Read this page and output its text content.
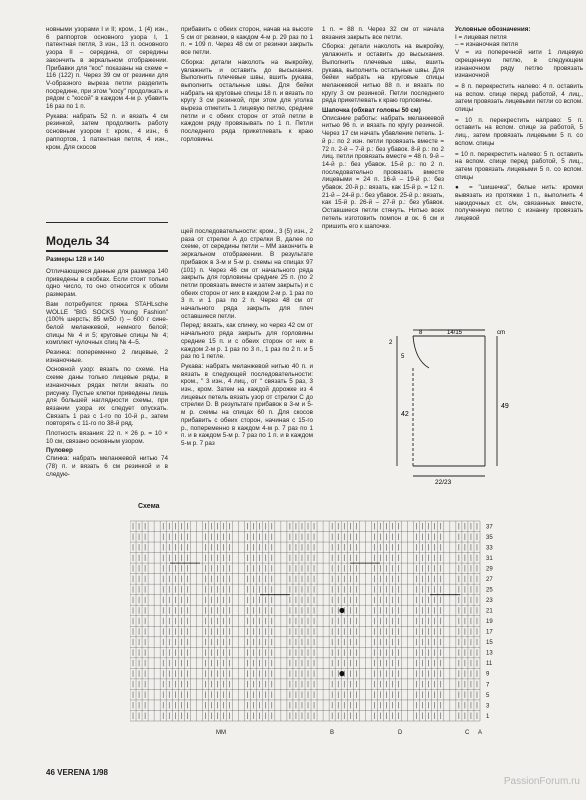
новными узорами I и II; кром., 1 (4) изн., 6 раппортов основного узора I, 1 патентная петля, 3 изн., 13 п. основного узора II – середина, от середины закончить в зеркальном отображении. Прибавки для "кос" показаны на схеме = 116 (122) п. Через 39 см от резинки для V-образного выреза петли разделить посредине, при этом "косу" продолжать и рядом с "косой" в каждом 4-м р. убавить 16 раз по 1 п.

Рукава: набрать 52 п. и вязать 4 см резинкой, затем продолжить работу основным узором I: кром., 4 изн., 6 раппортов, 1 патентная петля, 4 изн., кром. Для скосов

прибавить с обеих сторон, начав на высоте 5 см от резинки, в каждом 4-м р. 29 раз по 1 п. = 109 п. Через 48 см от резинки закрыть все петли.

Сборка: детали наколоть на выкройку, увлажнить и оставить до высыхания. Выполнить плечевые швы, вшить рукава, выполнить остальные швы. Для бейки набрать на круговые спицы 18 п. и вязать по кругу 3 см резинкой, при этом для уголка выреза отметить 1 лицевую петлю, средние петли и с обеих сторон от этой петли в каждом ряду провязывать по 1 п. Петли последнего ряда прикетлевать к краю горловины.

1 п. = 88 п. Через 32 см от начала вязания закрыть все петли.

Сборка: детали наколоть на выкройку, увлажнить и оставить до высыхания. Выполнить плечевые швы, вшить рукава, выполнить остальные швы. Для бейки набрать на круговые спицы меланжевой нитью 88 п. и вязать по кругу 3 см резинкой. Петли последнего ряда прикетлевать к краю горловины.

Шапочка (обхват головы 50 см)

Описание работы: набрать меланжевой нитью 96 п. и вязать по кругу резинкой. Через 17 см начать убавление петель. 1-й р.: по 2 изн. петли провязать вместе = 72 п. 2-й – 7-й р.: без убавок. 8-й р.: по 2 лиц. петли провязать вместе = 48 п. 9-й – 14-й р.: без убавок. 15-й р.: по 2 п. последовательно провязать вместе лицевыми = 24 п. 16-й – 19-й р.: без убавок. 20-й р.: вязать, как 15-й р. = 12 п. 21-й – 24-й р.: без убавок. 25-й р.: вязать, как 15-й р. 26-й – 27-й р.: без убавок. Оставшиеся петли стянуть. Нитью всех петель изготовить помпон ø ок. 6 см и пришить его к шапочке.

Условные обозначения:

I = лицевая петля

– = изнаночная петля

V = из поперечной нити 1 лицевую скрещенную петлю, в следующем изнаночном ряду петлю провязать изнаночной

= 8 п. перекрестить налево: 4 п. оставить на вспом. спице перед работой, 4 лиц., затем провязать лицевыми петли со вспом. спицы

= 10 п. перекрестить направо: 5 п. оставить на вспом. спице за работой, 5 лиц., затем провязать лицевыми 5 п. со вспом. спицы

= 10 п. перекрестить налево: 5 п. оставить на вспом. спице перед работой, 5 лиц., затем провязать лицевыми 5 п. со вспом. спицы

● = "шишечка", белые нить: кромки вывязать из протяжки 1 п., выполнить 4 накидочных ст. с/н, связанных вместе, полученную петлю с изнанку провязать лицевой

Модель 34
Размеры 128 и 140

Отличающиеся данные для размера 140 приведены в скобках. Если стоит только одно число, то оно относится к обоим размерам.

Вам потребуется: пряжа STAHLsche WOLLE "BIG SOCKS Young Fashion" (100% шерсть; 85 м/50 г) – 600 г сине-белой меланжевой, немного белой; спицы № 4 и 5; круговые спицы № 4; комплект чулочных спиц № 4–5.

Резинка: попеременно 2 лицевые, 2 изнаночные.

Основной узор: вязать по схеме. На схеме даны только лицевые ряды, в изнаночных рядах петли вязать по рисунку. Пустые клетки приведены лишь для большей наглядности схемы, при вязании узора их следует опускать. Связать 1 раз с 1-го по 10-й р., затем повторять с 11-го по 38-й ряд.

Плотность вязания: 22 п. × 26 р. = 10 × 10 см, связано основным узором.

Пуловер

Спинка: набрать меланжевой нитью 74 (78) п. и вязать 6 см резинкой и в следую-

щей последовательности: кром., 3 (5) изн., 2 раза от стрелки А до стрелки B, далее по схеме, от середины петли – ММ закончить в зеркальном отображении. В результате прибавок в 3-м и 5-м р. схемы на спицах 97 (101) п. Через 46 см от начального ряда закрыть для горловины средние 25 п. (по 2 петли провязать вместе и затем закрыть) и с обеих сторон от них в каждом 2-м р. 1 раз по 3 п. и 1 раз по 2 п. Через 48 см от начального ряда закрыть для плеч оставшиеся петли.

Перед: вязать, как спинку, но через 42 см от начального ряда закрыть для горловины средние 15 п. и с обеих сторон от них в каждом 2-м р. 1 раз по 3 п., 1 раз по 2 п. и 5 раз по 1 петле.

Рукава: набрать меланжевой нитью 40 п. и вязать в следующей последовательности: кром., " 3 изн., 4 лиц., от " связать 5 раз, 3 изн., кром. Затем на каждой дорожке из 4 лицевых петель вязать узор от стрелки C до стрелки D. В результате прибавок в 3-м и 5-м р. схемы на спицах 60 п. Для скосов прибавить с обеих сторон, начиная с 15-го р., попеременно в каждом 4-м р. 7 раз по 1 п. и в каждом 5-м р. 7 раз по 1 п. и в каждом 5-м р. 7 раз

8	14/15	cm
2
5
42
49
22/23
Схема
37
35
33
31
29
27
25
23
21
19
17
15
13
11
9
7
5
3
1
MM	B	D	C A
46 VERENA 1/98
PassionForum.ru
